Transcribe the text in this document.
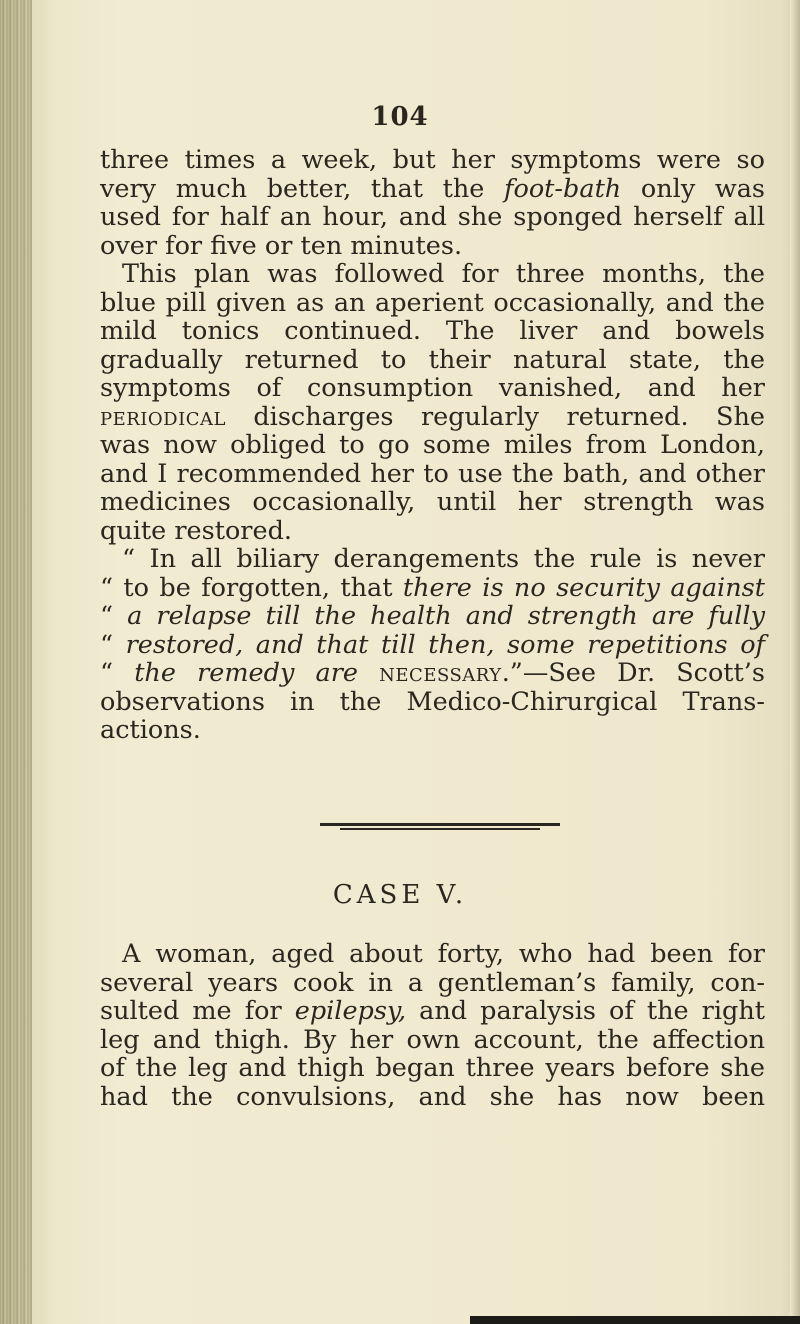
104
three times a week, but her symptoms were so
very much better, that the foot-bath only was
used for half an hour, and she sponged herself all
over for five or ten minutes.
This plan was followed for three months, the
blue pill given as an aperient occasionally, and the
mild tonics continued. The liver and bowels
gradually returned to their natural state, the
symptoms of consumption vanished, and her
periodical discharges regularly returned. She
was now obliged to go some miles from London,
and I recommended her to use the bath, and other
medicines occasionally, until her strength was
quite restored.
“ In all biliary derangements the rule is never
“ to be forgotten, that there is no security against
“ a relapse till the health and strength are fully
“ restored, and that till then, some repetitions of
“ the remedy are necessary.”—See Dr. Scott’s
observations in the Medico-Chirurgical Trans-
actions.
CASE V.
A woman, aged about forty, who had been for
several years cook in a gentleman’s family, con-
sulted me for epilepsy, and paralysis of the right
leg and thigh. By her own account, the affection
of the leg and thigh began three years before she
had the convulsions, and she has now been
